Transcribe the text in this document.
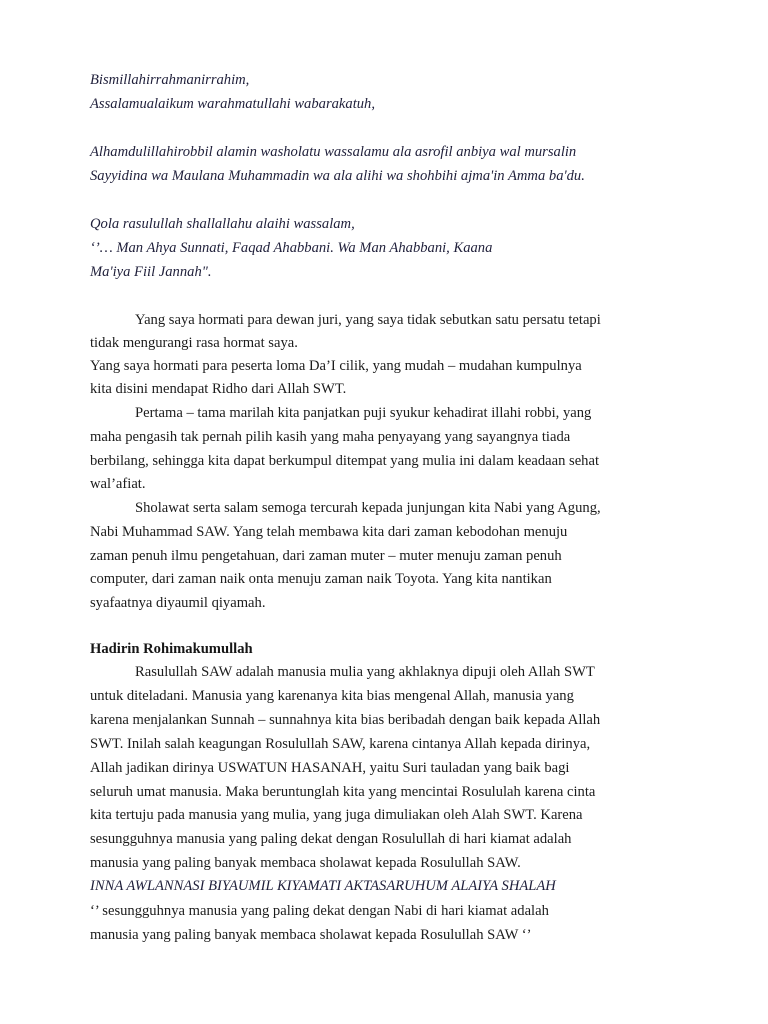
Bismillahirrahmanirrahim,

Assalamualaikum warahmatullahi wabarakatuh,

Alhamdulillahirobbil alamin washolatu wassalamu ala asrofil anbiya wal mursalin

Sayyidina wa Maulana Muhammadin wa ala alihi wa shohbihi ajma'in Amma ba'du.

Qola rasulullah shallallahu alaihi wassalam,

‘’… Man Ahya Sunnati, Faqad Ahabbani. Wa Man Ahabbani, Kaana

Ma'iya Fiil Jannah".

Yang saya hormati para dewan juri, yang saya tidak sebutkan satu persatu tetapi

tidak mengurangi rasa hormat saya.

Yang saya hormati para peserta loma Da’I cilik, yang mudah – mudahan kumpulnya

kita disini mendapat Ridho dari Allah SWT.

Pertama – tama marilah kita panjatkan puji syukur kehadirat illahi robbi, yang

maha pengasih tak pernah pilih kasih yang maha penyayang yang sayangnya tiada

berbilang, sehingga kita dapat berkumpul ditempat yang mulia ini dalam keadaan sehat

wal’afiat.

Sholawat serta salam semoga tercurah kepada junjungan kita Nabi yang Agung,

Nabi Muhammad SAW. Yang telah membawa kita dari zaman kebodohan menuju

zaman penuh ilmu pengetahuan, dari zaman muter – muter menuju zaman penuh

computer, dari zaman naik onta menuju zaman naik Toyota. Yang kita nantikan

syafaatnya diyaumil qiyamah.

Hadirin Rohimakumullah

Rasulullah SAW adalah manusia mulia yang akhlaknya dipuji oleh Allah SWT

untuk diteladani. Manusia yang karenanya kita bias mengenal Allah, manusia yang

karena menjalankan Sunnah – sunnahnya kita bias beribadah dengan baik kepada Allah

SWT. Inilah salah keagungan Rosulullah SAW, karena cintanya Allah kepada dirinya,

Allah jadikan dirinya USWATUN HASANAH, yaitu Suri tauladan yang baik bagi

seluruh umat manusia. Maka beruntunglah kita yang mencintai Rosululah karena cinta

kita tertuju pada manusia yang mulia, yang juga dimuliakan oleh Alah SWT. Karena

sesungguhnya manusia yang paling dekat dengan Rosulullah di hari kiamat adalah

manusia yang paling banyak membaca sholawat kepada Rosulullah SAW.

INNA AWLANNASI BIYAUMIL KIYAMATI AKTASARUHUM ALAIYA SHALAH

‘’ sesungguhnya manusia yang paling dekat dengan Nabi di hari kiamat adalah

manusia yang paling banyak membaca sholawat kepada Rosulullah SAW ‘’
